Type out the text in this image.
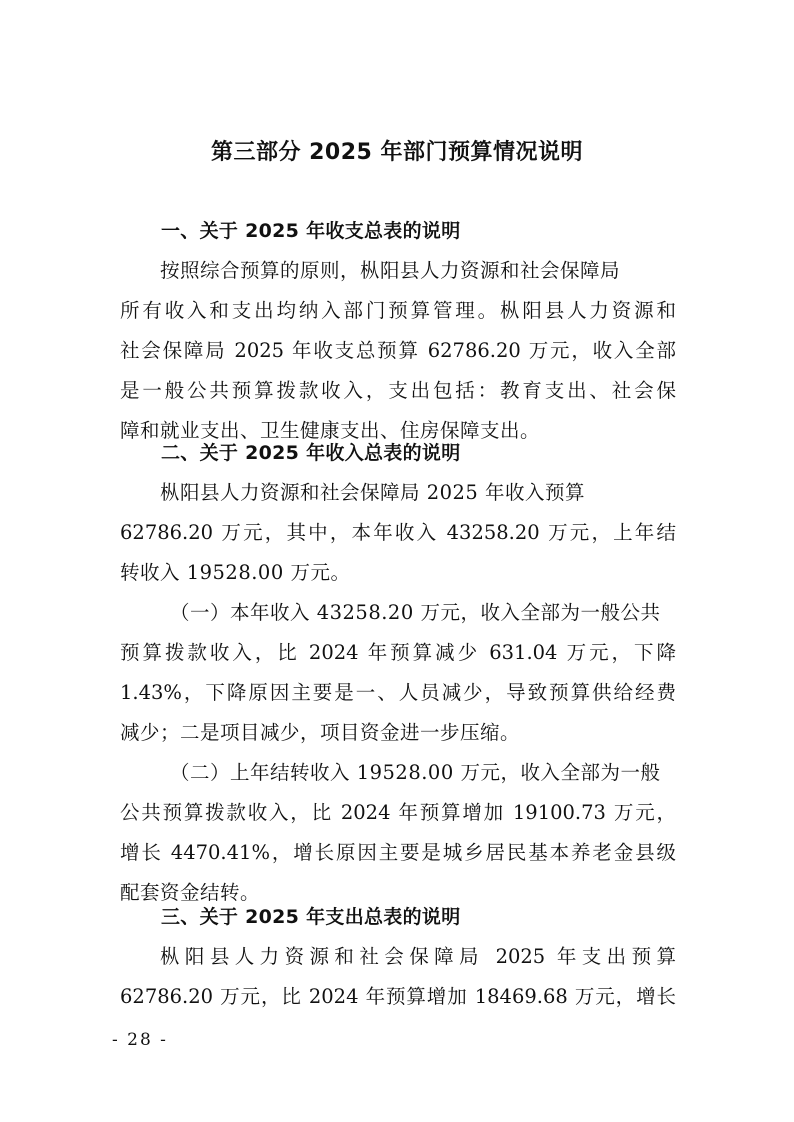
第三部分 2025 年部门预算情况说明
一、关于 2025 年收支总表的说明
按照综合预算的原则，枞阳县人力资源和社会保障局
所有收入和支出均纳入部门预算管理。枞阳县人力资源和
社会保障局 2025 年收支总预算 62786.20 万元，收入全部
是一般公共预算拨款收入，支出包括：教育支出、社会保
障和就业支出、卫生健康支出、住房保障支出。
二、关于 2025 年收入总表的说明
枞阳县人力资源和社会保障局 2025 年收入预算
62786.20 万元，其中，本年收入 43258.20 万元，上年结
转收入 19528.00 万元。
（一）本年收入 43258.20 万元，收入全部为一般公共
预算拨款收入，比 2024 年预算减少 631.04 万元，下降
1.43%，下降原因主要是一、人员减少，导致预算供给经费
减少；二是项目减少，项目资金进一步压缩。
（二）上年结转收入 19528.00 万元，收入全部为一般
公共预算拨款收入，比 2024 年预算增加 19100.73 万元，
增长 4470.41%，增长原因主要是城乡居民基本养老金县级
配套资金结转。
三、关于 2025 年支出总表的说明
枞阳县人力资源和社会保障局 2025 年支出预算
62786.20 万元，比 2024 年预算增加 18469.68 万元，增长
- 28 -
